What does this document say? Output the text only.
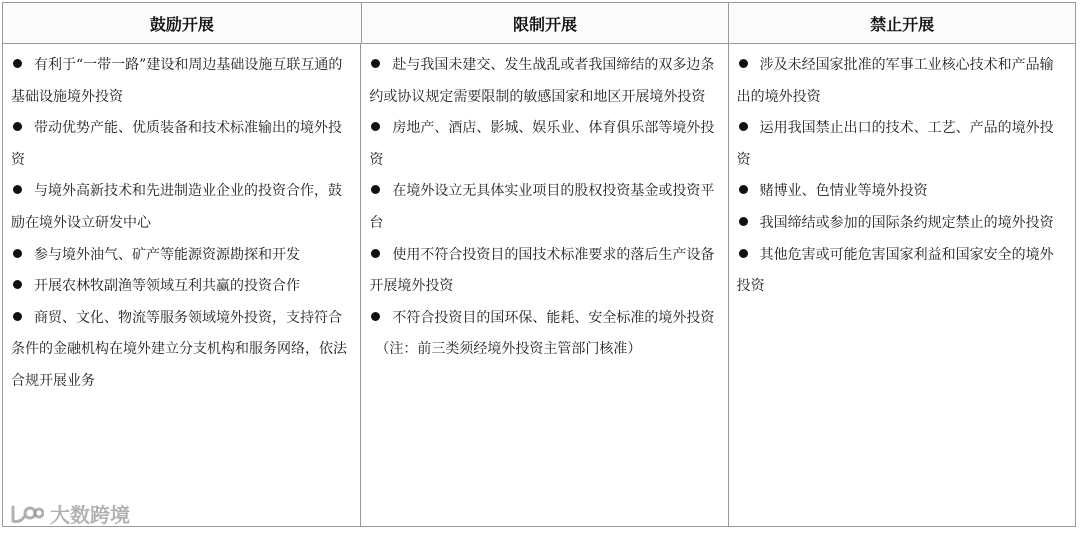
鼓励开展	限制开展	禁止开展
有利于“一带一路”建设和周边基础设施互联互通的基础设施境外投资
带动优势产能、优质装备和技术标准输出的境外投资
与境外高新技术和先进制造业企业的投资合作，鼓励在境外设立研发中心
参与境外油气、矿产等能源资源勘探和开发
开展农林牧副渔等领域互利共赢的投资合作
商贸、文化、物流等服务领域境外投资，支持符合条件的金融机构在境外建立分支机构和服务网络，依法合规开展业务
赴与我国未建交、发生战乱或者我国缔结的双多边条约或协议规定需要限制的敏感国家和地区开展境外投资
房地产、酒店、影城、娱乐业、体育俱乐部等境外投资
在境外设立无具体实业项目的股权投资基金或投资平台
使用不符合投资目的国技术标准要求的落后生产设备开展境外投资
不符合投资目的国环保、能耗、安全标准的境外投资
（注：前三类须经境外投资主管部门核准）
涉及未经国家批准的军事工业核心技术和产品输出的境外投资
运用我国禁止出口的技术、工艺、产品的境外投资
赌博业、色情业等境外投资
我国缔结或参加的国际条约规定禁止的境外投资
其他危害或可能危害国家利益和国家安全的境外投资
大数跨境
